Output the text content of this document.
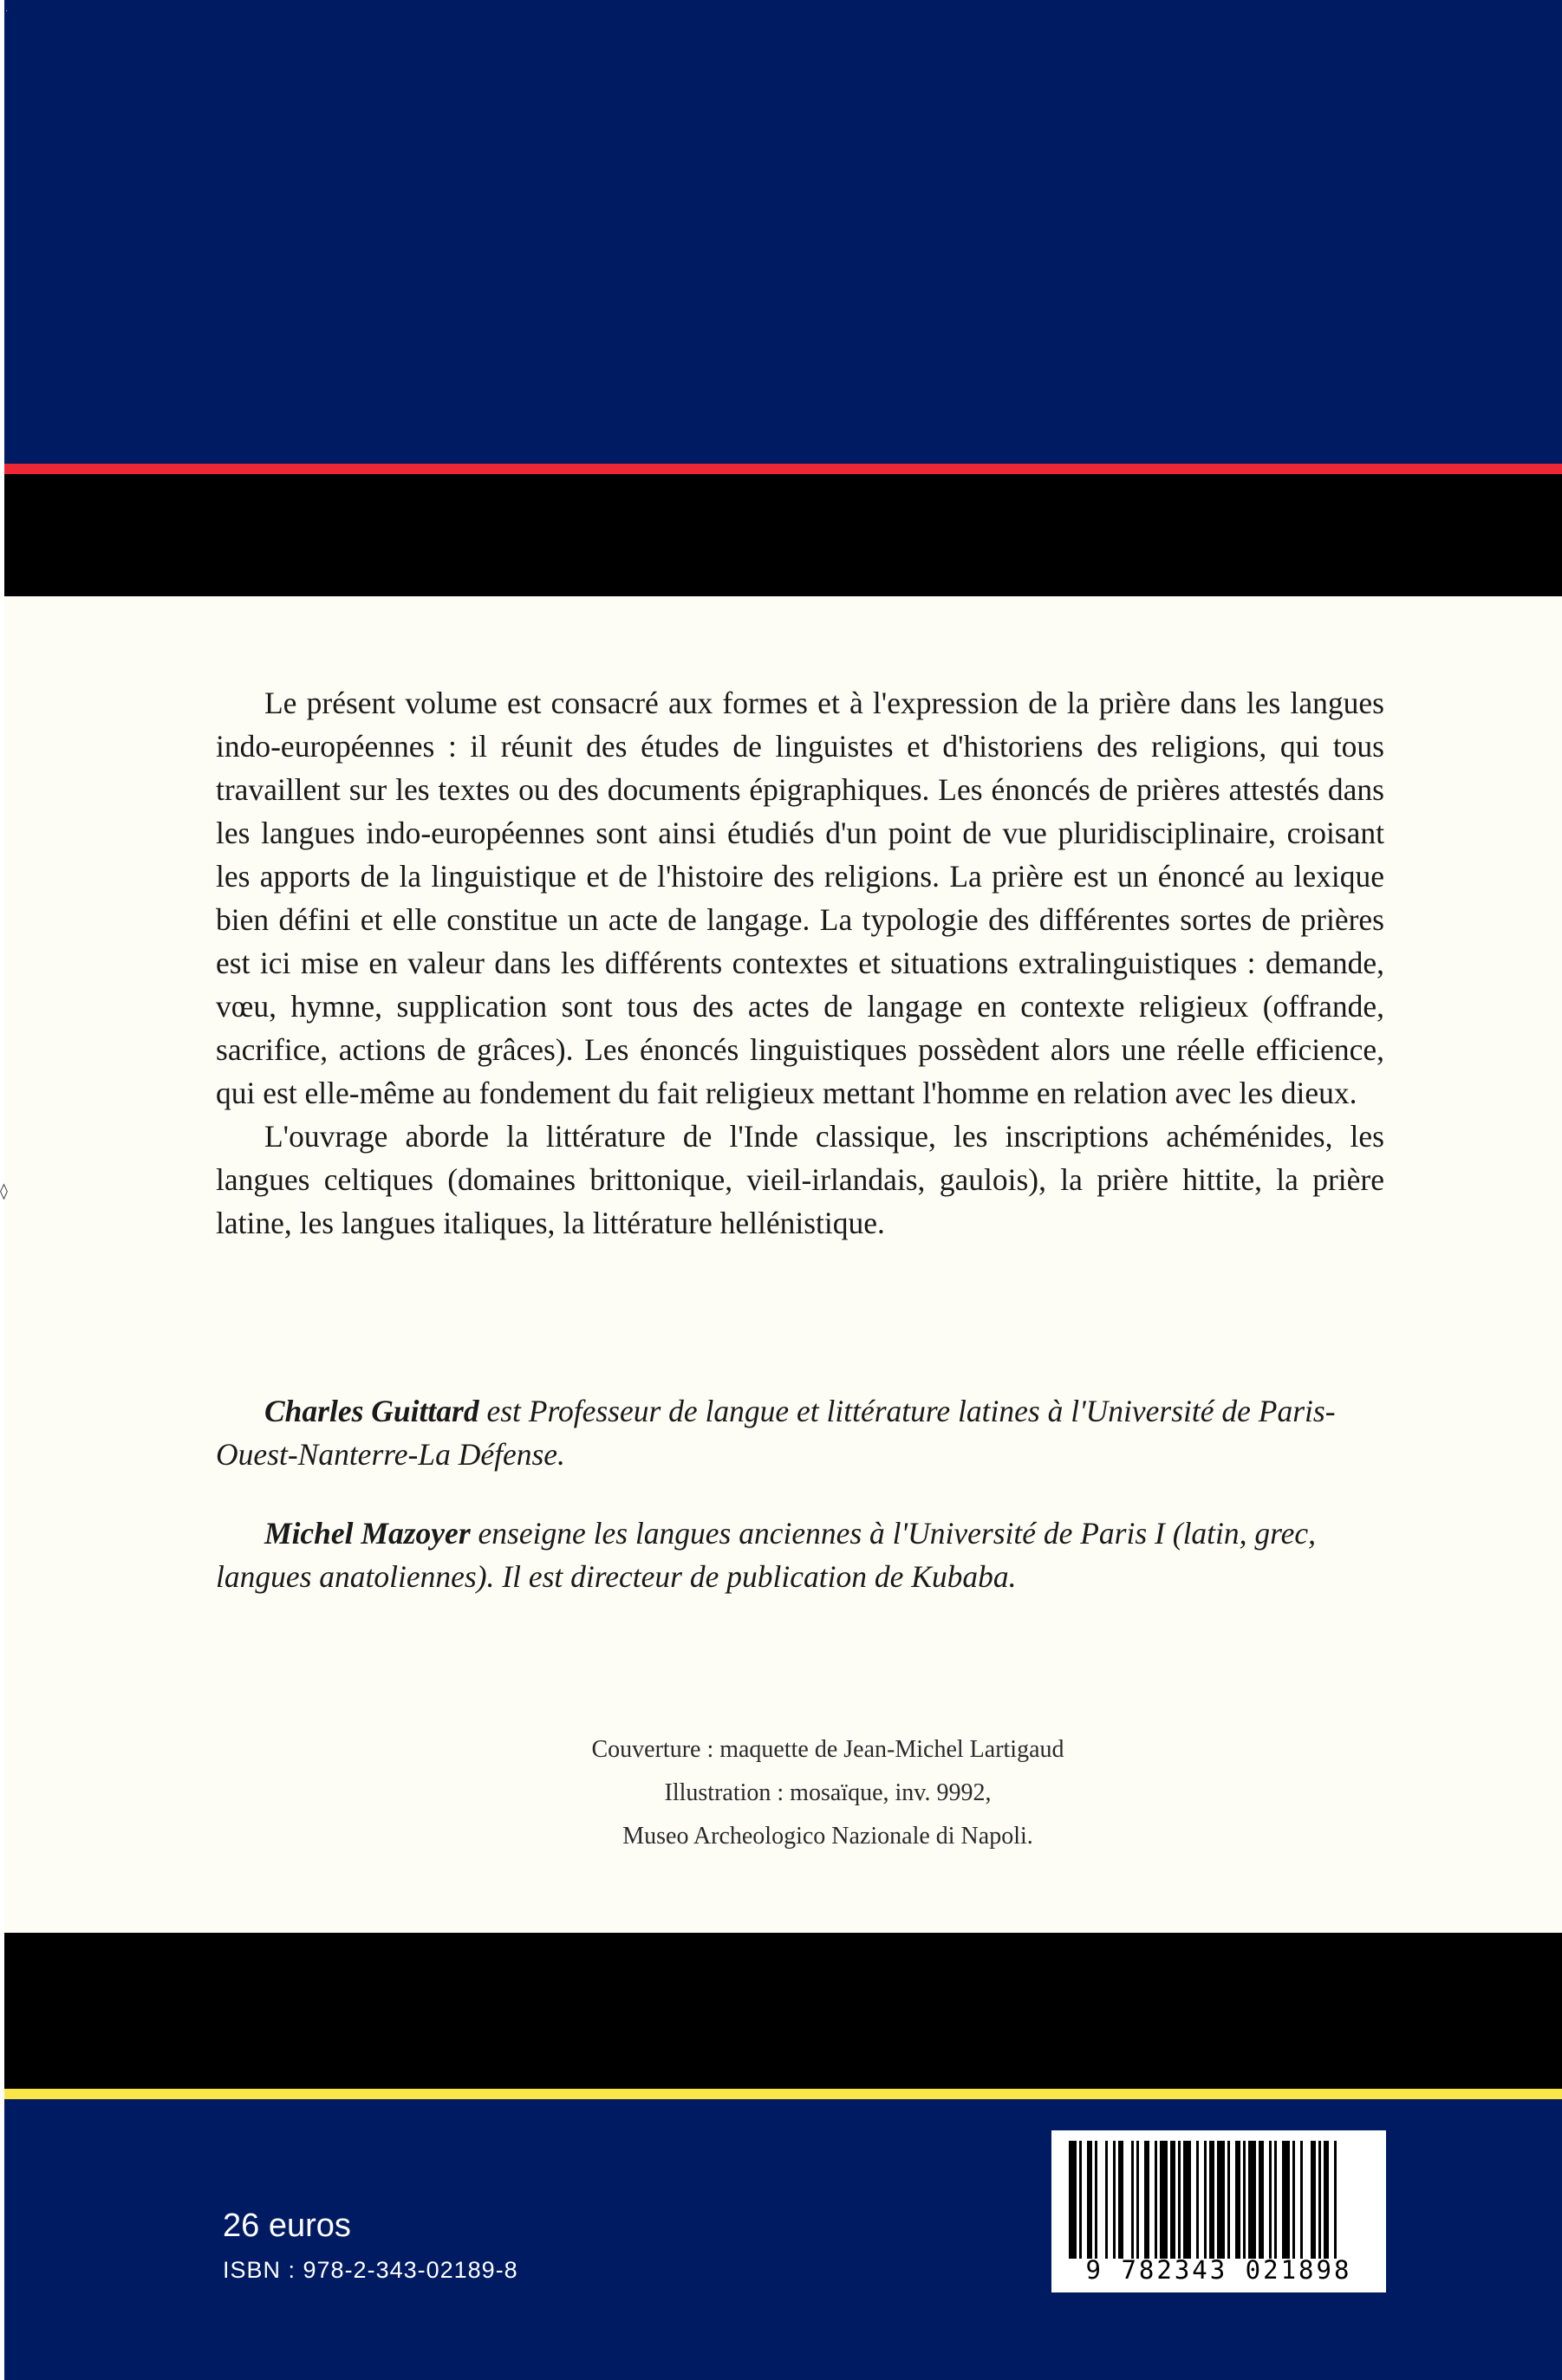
Le présent volume est consacré aux formes et à l'expression de la prière dans les langues indo-européennes : il réunit des études de linguistes et d'historiens des religions, qui tous travaillent sur les textes ou des documents épigraphiques. Les énoncés de prières attestés dans les langues indo-européennes sont ainsi étudiés d'un point de vue pluridisciplinaire, croisant les apports de la linguistique et de l'histoire des religions. La prière est un énoncé au lexique bien défini et elle constitue un acte de langage. La typologie des différentes sortes de prières est ici mise en valeur dans les différents contextes et situations extralinguistiques : demande, vœu, hymne, supplication sont tous des actes de langage en contexte religieux (offrande, sacrifice, actions de grâces). Les énoncés linguistiques possèdent alors une réelle efficience, qui est elle-même au fondement du fait religieux mettant l'homme en relation avec les dieux.

L'ouvrage aborde la littérature de l'Inde classique, les inscriptions achéménides, les langues celtiques (domaines brittonique, vieil-irlandais, gaulois), la prière hittite, la prière latine, les langues italiques, la littérature hellénistique.

Charles Guittard est Professeur de langue et littérature latines à l'Université de Paris-Ouest-Nanterre-La Défense.

Michel Mazoyer enseigne les langues anciennes à l'Université de Paris I (latin, grec, langues anatoliennes). Il est directeur de publication de Kubaba.

Couverture : maquette de Jean-Michel Lartigaud
Illustration : mosaïque, inv. 9992,
Museo Archeologico Nazionale di Napoli.
26 euros
ISBN : 978-2-343-02189-8	9 782343 021898
◊
·
